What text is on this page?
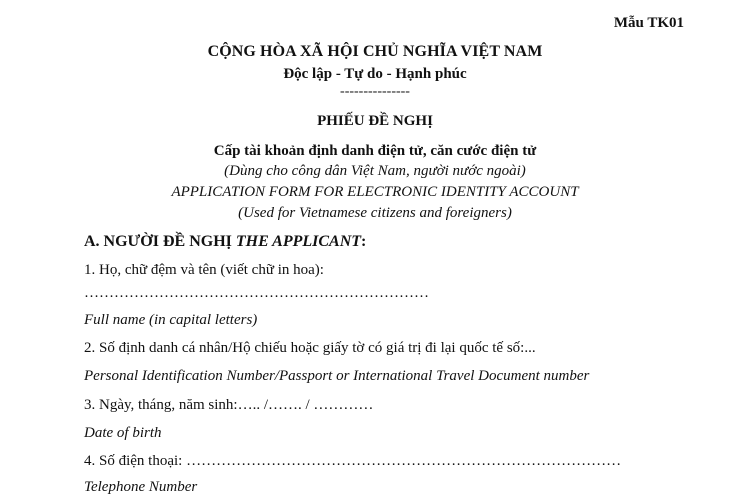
Mẫu TK01
CỘNG HÒA XÃ HỘI CHỦ NGHĨA VIỆT NAM
Độc lập - Tự do - Hạnh phúc
---------------
PHIẾU ĐỀ NGHỊ
Cấp tài khoản định danh điện tử, căn cước điện tử
(Dùng cho công dân Việt Nam, người nước ngoài)
APPLICATION FORM FOR ELECTRONIC IDENTITY ACCOUNT
(Used for Vietnamese citizens and foreigners)
A. NGƯỜI ĐỀ NGHỊ THE APPLICANT:
1. Họ, chữ đệm và tên (viết chữ in hoa):
……………………………………………………………
Full name (in capital letters)
2. Số định danh cá nhân/Hộ chiếu hoặc giấy tờ có giá trị đi lại quốc tế số:...
Personal Identification Number/Passport or International Travel Document number
3. Ngày, tháng, năm sinh:….. /……. / …………
Date of birth
4. Số điện thoại: ……………………………………………………………………………
Telephone Number
